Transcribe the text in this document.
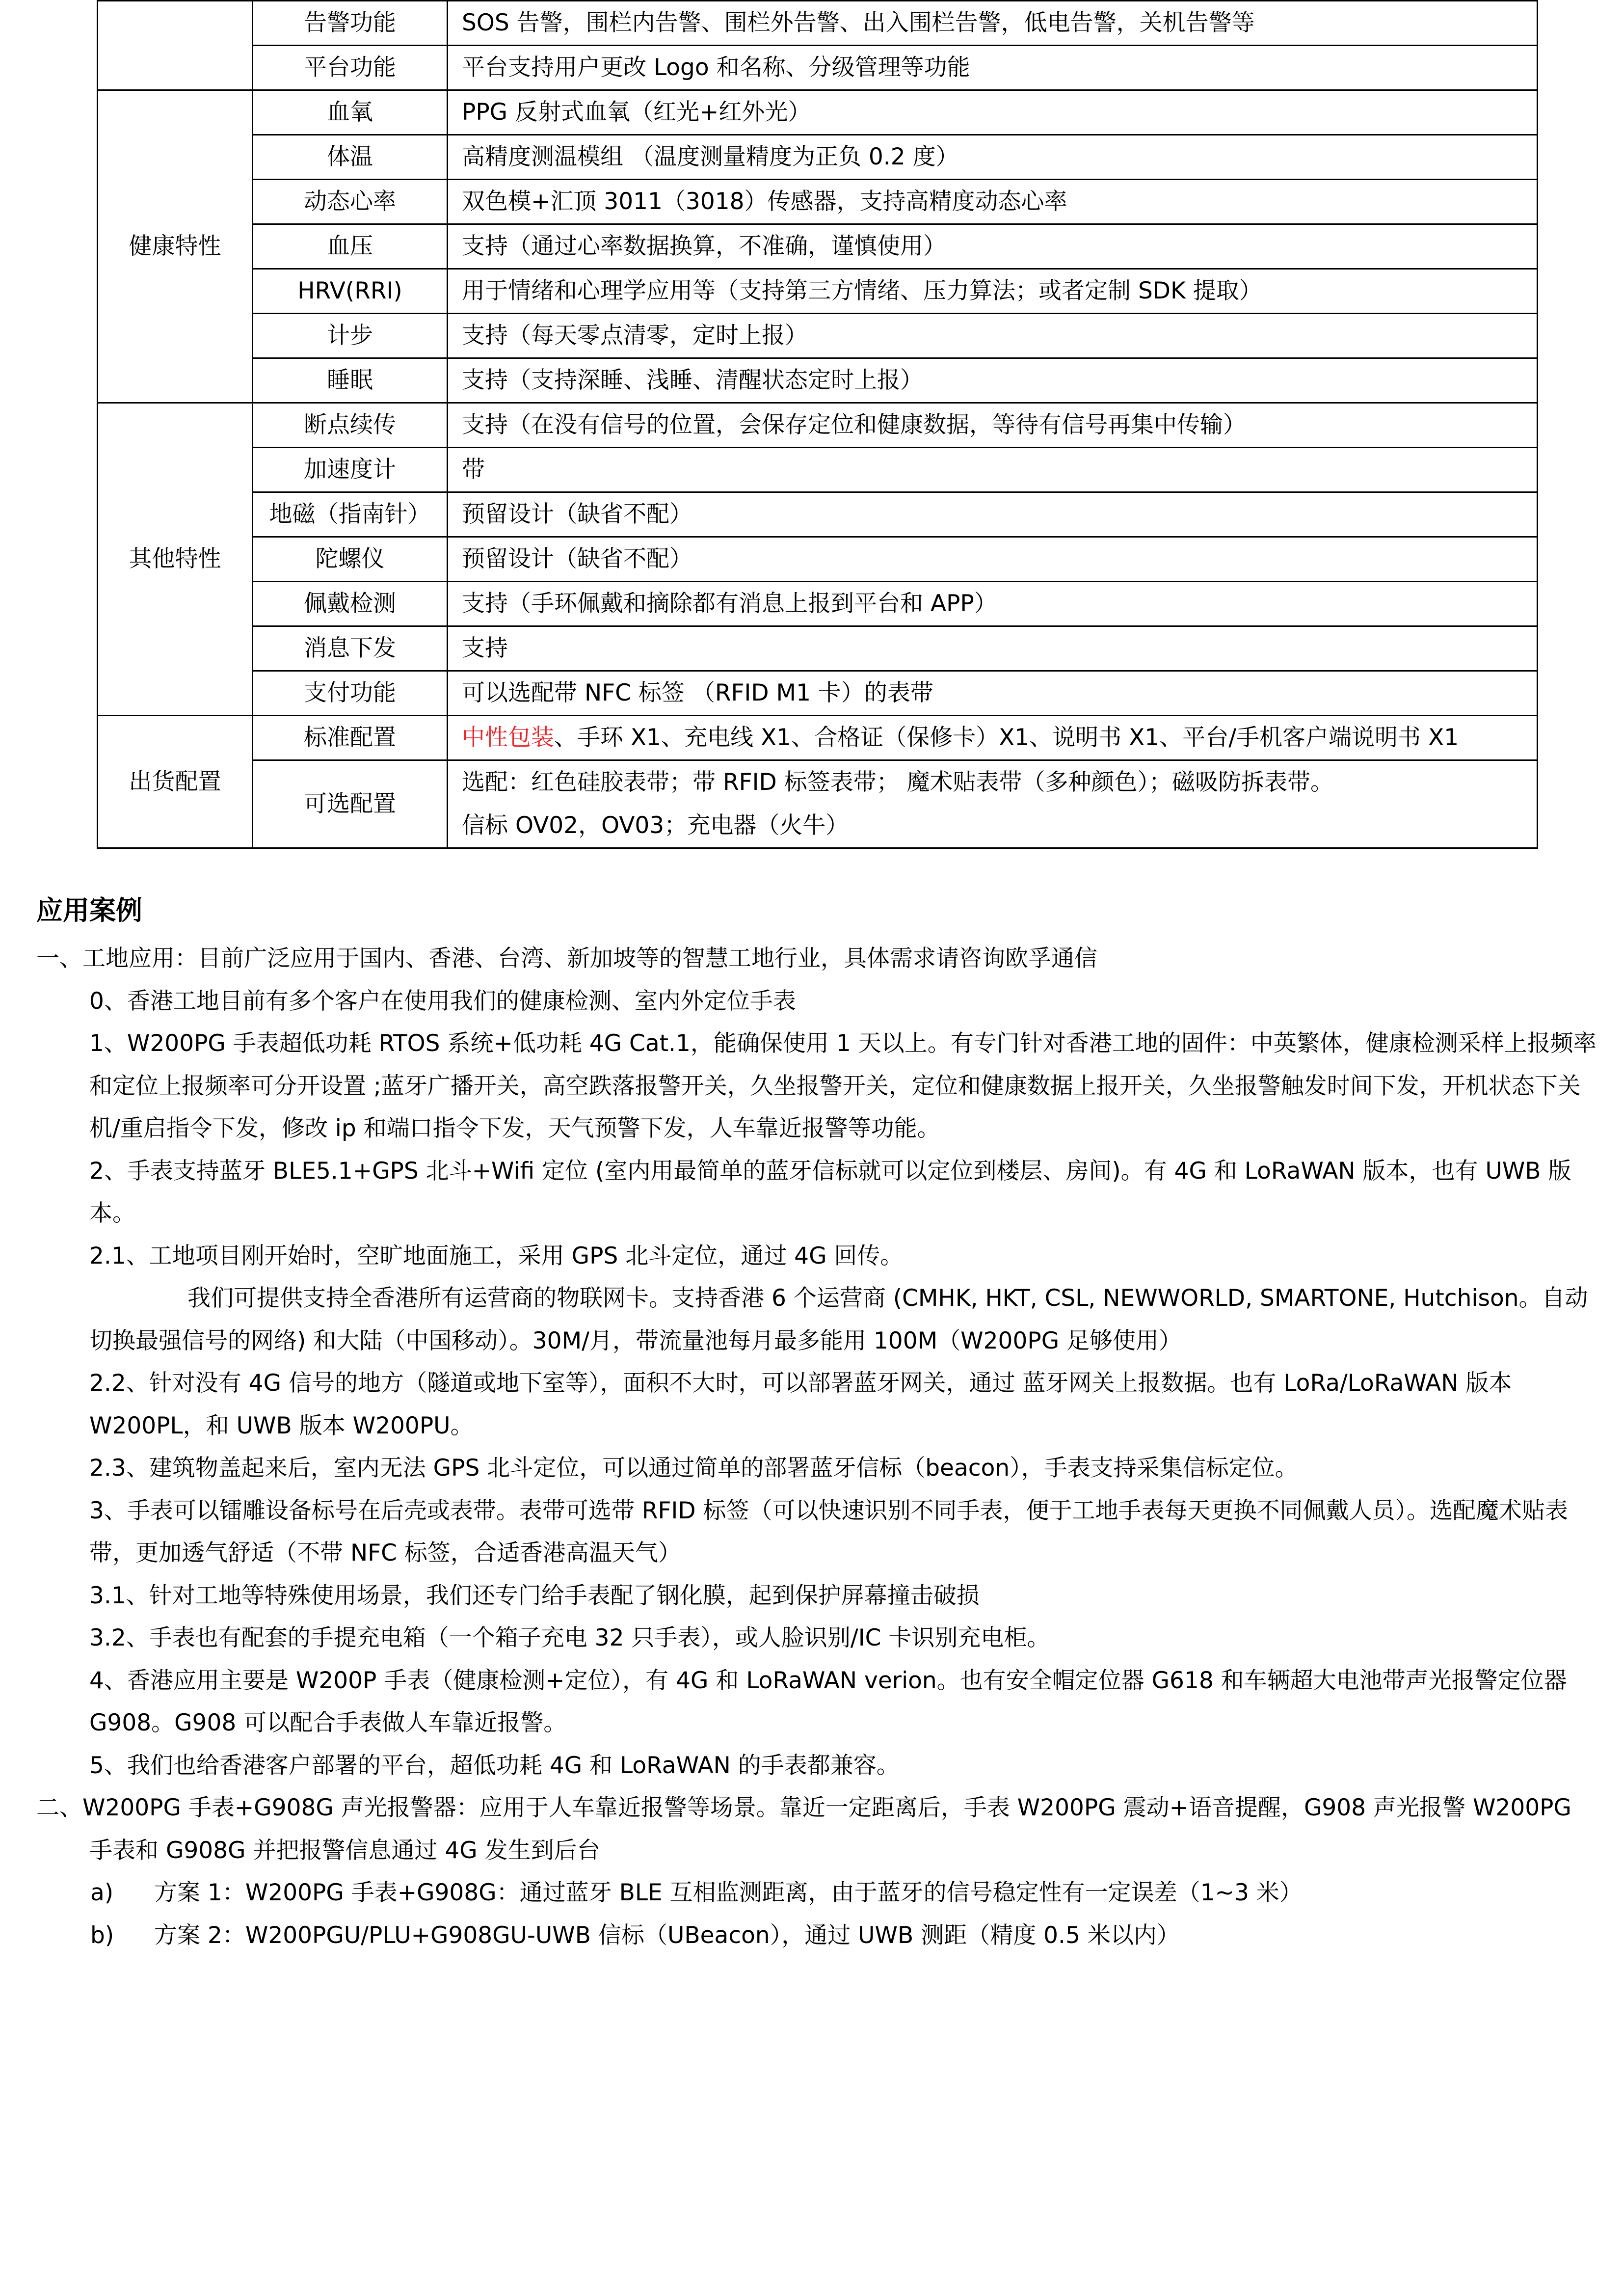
	告警功能	SOS 告警，围栏内告警、围栏外告警、出入围栏告警，低电告警，关机告警等
	平台功能	平台支持用户更改 Logo 和名称、分级管理等功能
健康特性	血氧	PPG 反射式血氧（红光+红外光）
	体温	高精度测温模组 （温度测量精度为正负 0.2 度）
	动态心率	双色模+汇顶 3011（3018）传感器，支持高精度动态心率
	血压	支持（通过心率数据换算，不准确，谨慎使用）
	HRV(RRI)	用于情绪和心理学应用等（支持第三方情绪、压力算法；或者定制 SDK 提取）
	计步	支持（每天零点清零，定时上报）
	睡眠	支持（支持深睡、浅睡、清醒状态定时上报）
其他特性	断点续传	支持（在没有信号的位置，会保存定位和健康数据，等待有信号再集中传输）
	加速度计	带
	地磁（指南针）	预留设计（缺省不配）
	陀螺仪	预留设计（缺省不配）
	佩戴检测	支持（手环佩戴和摘除都有消息上报到平台和 APP）
	消息下发	支持
	支付功能	可以选配带 NFC 标签 （RFID M1 卡）的表带
出货配置	标准配置	中性包装、手环 X1、充电线 X1、合格证（保修卡）X1、说明书 X1、平台/手机客户端说明书 X1
	可选配置	选配：红色硅胶表带；带 RFID 标签表带； 魔术贴表带（多种颜色）；磁吸防拆表带。
信标 OV02，OV03；充电器（火牛）
应用案例
一、工地应用：目前广泛应用于国内、香港、台湾、新加坡等的智慧工地行业，具体需求请咨询欧孚通信
0、香港工地目前有多个客户在使用我们的健康检测、室内外定位手表
1、W200PG 手表超低功耗 RTOS 系统+低功耗 4G Cat.1，能确保使用 1 天以上。有专门针对香港工地的固件：中英繁体，健康检测采样上报频率和定位上报频率可分开设置 ;蓝牙广播开关，高空跌落报警开关，久坐报警开关，定位和健康数据上报开关，久坐报警触发时间下发，开机状态下关机/重启指令下发，修改 ip 和端口指令下发，天气预警下发，人车靠近报警等功能。
2、手表支持蓝牙 BLE5.1+GPS 北斗+Wifi 定位 (室内用最简单的蓝牙信标就可以定位到楼层、房间)。有 4G 和 LoRaWAN 版本，也有 UWB 版本。
2.1、工地项目刚开始时，空旷地面施工，采用 GPS 北斗定位，通过 4G 回传。
我们可提供支持全香港所有运营商的物联网卡。支持香港 6 个运营商 (CMHK, HKT, CSL, NEWWORLD, SMARTONE, Hutchison。自动切换最强信号的网络) 和大陆（中国移动）。30M/月，带流量池每月最多能用 100M（W200PG 足够使用）
2.2、针对没有 4G 信号的地方（隧道或地下室等），面积不大时，可以部署蓝牙网关，通过 蓝牙网关上报数据。也有 LoRa/LoRaWAN 版本 W200PL，和 UWB 版本 W200PU。
2.3、建筑物盖起来后，室内无法 GPS 北斗定位，可以通过简单的部署蓝牙信标（beacon），手表支持采集信标定位。
3、手表可以镭雕设备标号在后壳或表带。表带可选带 RFID 标签（可以快速识别不同手表，便于工地手表每天更换不同佩戴人员）。选配魔术贴表带，更加透气舒适（不带 NFC 标签，合适香港高温天气）
3.1、针对工地等特殊使用场景，我们还专门给手表配了钢化膜，起到保护屏幕撞击破损
3.2、手表也有配套的手提充电箱（一个箱子充电 32 只手表），或人脸识别/IC 卡识别充电柜。
4、香港应用主要是 W200P 手表（健康检测+定位），有 4G 和 LoRaWAN verion。也有安全帽定位器 G618 和车辆超大电池带声光报警定位器 G908。G908 可以配合手表做人车靠近报警。
5、我们也给香港客户部署的平台，超低功耗 4G 和 LoRaWAN 的手表都兼容。
二、W200PG 手表+G908G 声光报警器：应用于人车靠近报警等场景。靠近一定距离后，手表 W200PG 震动+语音提醒，G908 声光报警 W200PG 手表和 G908G 并把报警信息通过 4G 发生到后台
a) 方案 1：W200PG 手表+G908G：通过蓝牙 BLE 互相监测距离，由于蓝牙的信号稳定性有一定误差（1~3 米）
b) 方案 2：W200PGU/PLU+G908GU-UWB 信标（UBeacon），通过 UWB 测距（精度 0.5 米以内）
